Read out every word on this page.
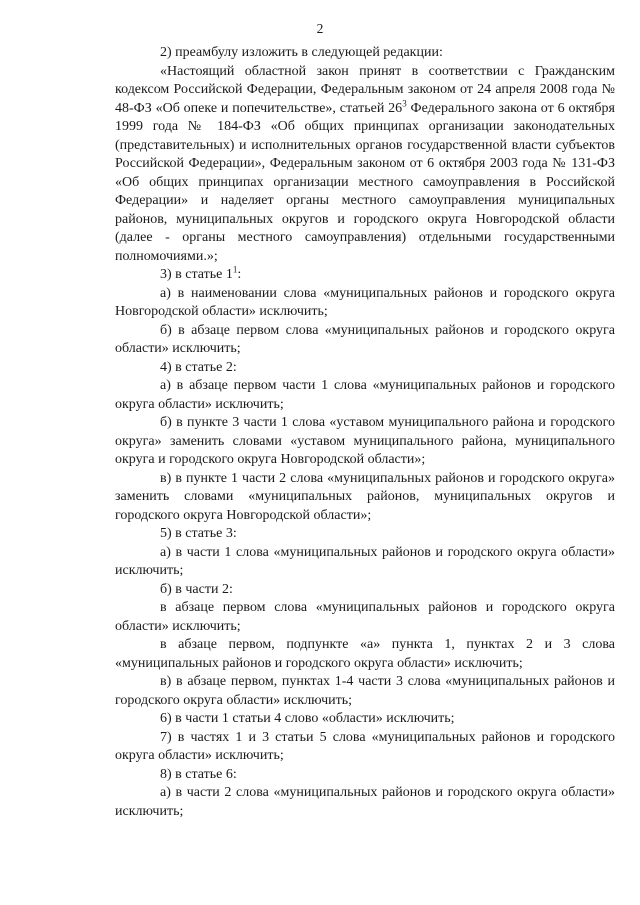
2

2) преамбулу изложить в следующей редакции:

«Настоящий областной закон принят в соответствии с Гражданским кодексом Российской Федерации, Федеральным законом от 24 апреля 2008 года № 48-ФЗ «Об опеке и попечительстве», статьей $26^3$ Федерального закона от 6 октября 1999 года № 184-ФЗ «Об общих принципах организации законодательных (представительных) и исполнительных органов государственной власти субъектов Российской Федерации», Федеральным законом от 6 октября 2003 года № 131-ФЗ «Об общих принципах организации местного самоуправления в Российской Федерации» и наделяет органы местного самоуправления муниципальных районов, муниципальных округов и городского округа Новгородской области (далее - органы местного самоуправления) отдельными государственными полномочиями.»;

3) в статье $1^1$:

а) в наименовании слова «муниципальных районов и городского округа Новгородской области» исключить;

б) в абзаце первом слова «муниципальных районов и городского округа области» исключить;

4) в статье 2:

а) в абзаце первом части 1 слова «муниципальных районов и городского округа области» исключить;

б) в пункте 3 части 1 слова «уставом муниципального района и городского округа» заменить словами «уставом муниципального района, муниципального округа и городского округа Новгородской области»;

в) в пункте 1 части 2 слова «муниципальных районов и городского округа» заменить словами «муниципальных районов, муниципальных округов и городского округа Новгородской области»;

5) в статье 3:

а) в части 1 слова «муниципальных районов и городского округа области» исключить;

б) в части 2:

в абзаце первом слова «муниципальных районов и городского округа области» исключить;

в абзаце первом, подпункте «а» пункта 1, пунктах 2 и 3 слова «муниципальных районов и городского округа области» исключить;

в) в абзаце первом, пунктах 1-4 части 3 слова «муниципальных районов и городского округа области» исключить;

6) в части 1 статьи 4 слово «области» исключить;

7) в частях 1 и 3 статьи 5 слова «муниципальных районов и городского округа области» исключить;

8) в статье 6:

а) в части 2 слова «муниципальных районов и городского округа области» исключить;
